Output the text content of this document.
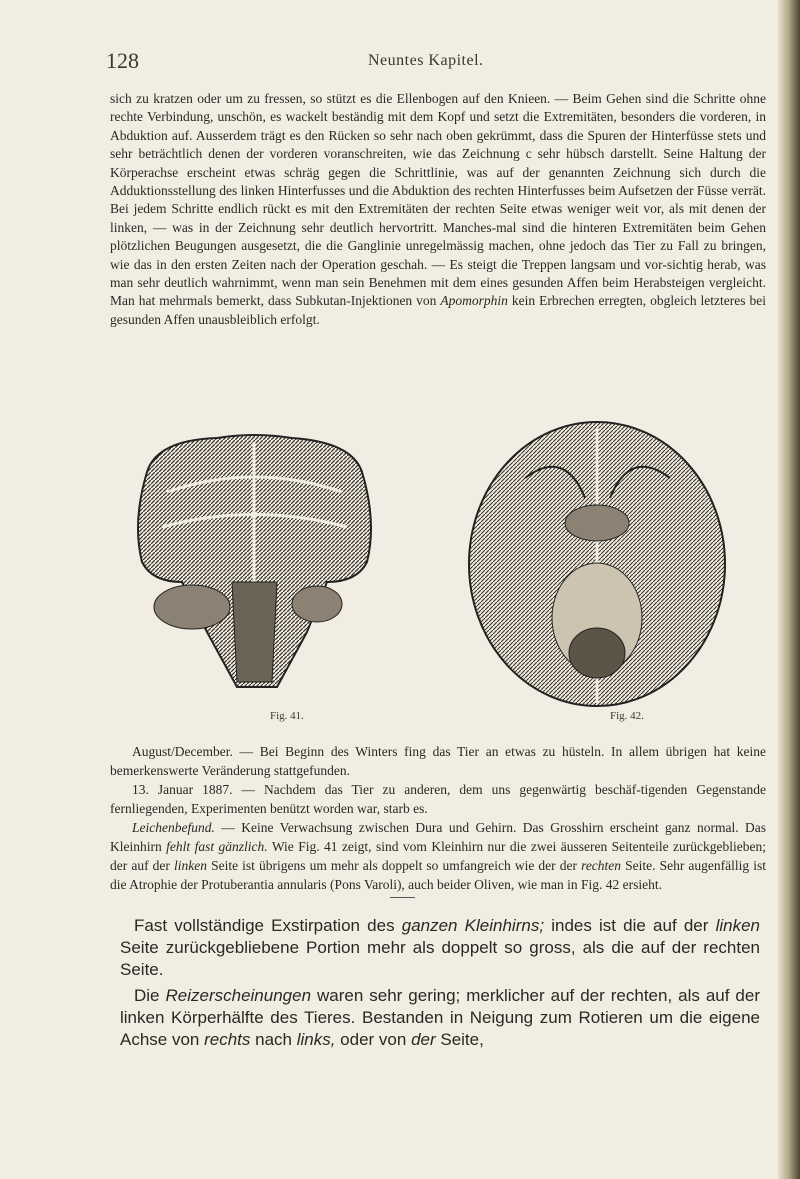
128	Neuntes Kapitel.

sich zu kratzen oder um zu fressen, so stützt es die Ellenbogen auf den Knieen. — Beim Gehen sind die Schritte ohne rechte Verbindung, unschön, es wackelt beständig mit dem Kopf und setzt die Extremitäten, besonders die vorderen, in Abduktion auf. Ausserdem trägt es den Rücken so sehr nach oben gekrümmt, dass die Spuren der Hinterfüsse stets und sehr beträchtlich denen der vorderen voranschreiten, wie das Zeichnung c sehr hübsch darstellt. Seine Haltung der Körperachse erscheint etwas schräg gegen die Schrittlinie, was auf der genannten Zeichnung sich durch die Adduktionsstellung des linken Hinterfusses und die Abduktion des rechten Hinterfusses beim Aufsetzen der Füsse verrät. Bei jedem Schritte endlich rückt es mit den Extremitäten der rechten Seite etwas weniger weit vor, als mit denen der linken, — was in der Zeichnung sehr deutlich hervortritt. Manches-mal sind die hinteren Extremitäten beim Gehen plötzlichen Beugungen ausgesetzt, die die Ganglinie unregelmässig machen, ohne jedoch das Tier zu Fall zu bringen, wie das in den ersten Zeiten nach der Operation geschah. — Es steigt die Treppen langsam und vor-sichtig herab, was man sehr deutlich wahrnimmt, wenn man sein Benehmen mit dem eines gesunden Affen beim Herabsteigen vergleicht. Man hat mehrmals bemerkt, dass Subkutan-Injektionen von Apomorphin kein Erbrechen erregten, obgleich letzteres bei gesunden Affen unausbleiblich erfolgt.

Fig. 41.	Fig. 42.

August/December. — Bei Beginn des Winters fing das Tier an etwas zu hüsteln. In allem übrigen hat keine bemerkenswerte Veränderung stattgefunden.

13. Januar 1887. — Nachdem das Tier zu anderen, dem uns gegenwärtig beschäf-tigenden Gegenstande fernliegenden, Experimenten benützt worden war, starb es.

Leichenbefund. — Keine Verwachsung zwischen Dura und Gehirn. Das Grosshirn erscheint ganz normal. Das Kleinhirn fehlt fast gänzlich. Wie Fig. 41 zeigt, sind vom Kleinhirn nur die zwei äusseren Seitenteile zurückgeblieben; der auf der linken Seite ist übrigens um mehr als doppelt so umfangreich wie der der rechten Seite. Sehr augenfällig ist die Atrophie der Protuberantia annularis (Pons Varoli), auch beider Oliven, wie man in Fig. 42 ersieht.

Fast vollständige Exstirpation des ganzen Kleinhirns; indes ist die auf der linken Seite zurückgebliebene Portion mehr als doppelt so gross, als die auf der rechten Seite.

Die Reizerscheinungen waren sehr gering; merklicher auf der rechten, als auf der linken Körperhälfte des Tieres. Bestanden in Neigung zum Rotieren um die eigene Achse von rechts nach links, oder von der Seite,
